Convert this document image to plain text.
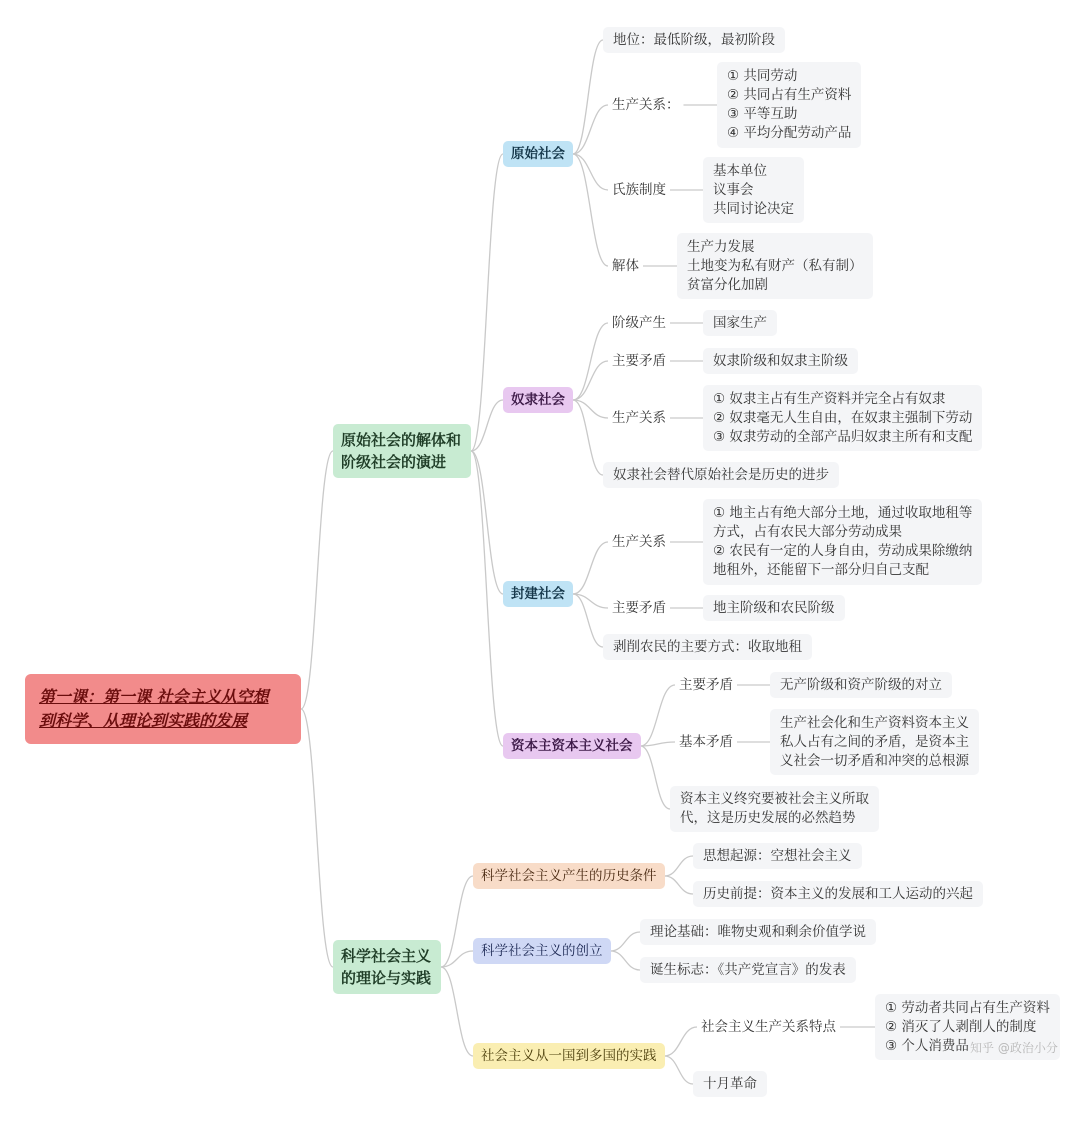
第一课：第一课 社会主义从空想
到科学、从理论到实践的发展
原始社会的解体和
阶级社会的演进
原始社会
地位：最低阶级，最初阶段
生产关系：
① 共同劳动
② 共同占有生产资料
③ 平等互助
④ 平均分配劳动产品
氏族制度
基本单位
议事会
共同讨论决定
解体
生产力发展
土地变为私有财产（私有制）
贫富分化加剧
奴隶社会
阶级产生	国家生产
主要矛盾	奴隶阶级和奴隶主阶级
生产关系
① 奴隶主占有生产资料并完全占有奴隶
② 奴隶毫无人生自由，在奴隶主强制下劳动
③ 奴隶劳动的全部产品归奴隶主所有和支配
奴隶社会替代原始社会是历史的进步
封建社会
生产关系
① 地主占有绝大部分土地，通过收取地租等
方式，占有农民大部分劳动成果
② 农民有一定的人身自由，劳动成果除缴纳
地租外，还能留下一部分归自己支配
主要矛盾	地主阶级和农民阶级
剥削农民的主要方式：收取地租
资本主资本主义社会
主要矛盾	无产阶级和资产阶级的对立
基本矛盾
生产社会化和生产资料资本主义
私人占有之间的矛盾，是资本主
义社会一切矛盾和冲突的总根源
资本主义终究要被社会主义所取
代，这是历史发展的必然趋势
科学社会主义
的理论与实践
科学社会主义产生的历史条件
思想起源：空想社会主义
历史前提：资本主义的发展和工人运动的兴起
科学社会主义的创立
理论基础：唯物史观和剩余价值学说
诞生标志：《共产党宣言》的发表
社会主义从一国到多国的实践
社会主义生产关系特点
① 劳动者共同占有生产资料
② 消灭了人剥削人的制度
③ 个人消费品
十月革命
知乎 @政治小分
